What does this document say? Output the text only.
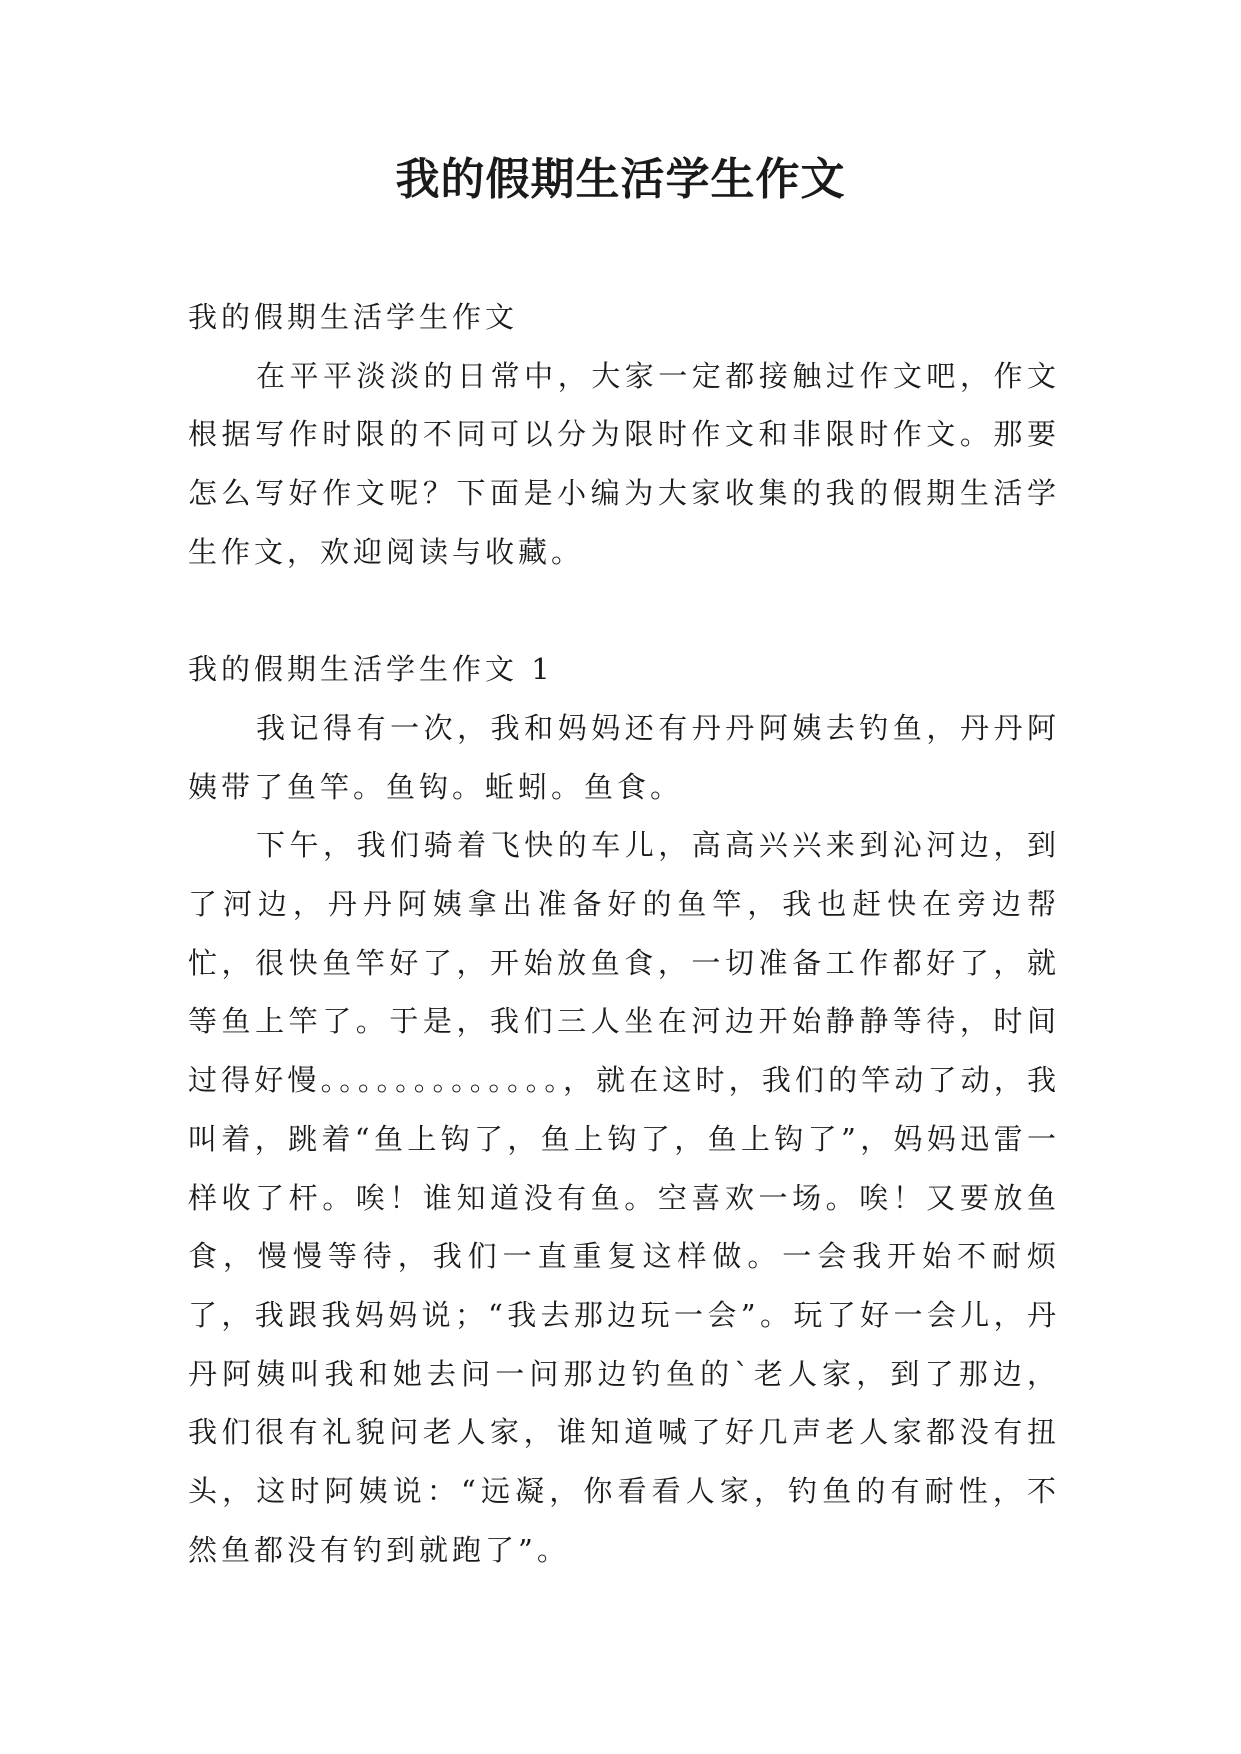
我的假期生活学生作文

我的假期生活学生作文

在平平淡淡的日常中，大家一定都接触过作文吧，作文根据写作时限的不同可以分为限时作文和非限时作文。那要怎么写好作文呢？下面是小编为大家收集的我的假期生活学生作文，欢迎阅读与收藏。

我的假期生活学生作文 1

我记得有一次，我和妈妈还有丹丹阿姨去钓鱼，丹丹阿姨带了鱼竿。鱼钩。蚯蚓。鱼食。

下午，我们骑着飞快的车儿，高高兴兴来到沁河边，到了河边，丹丹阿姨拿出准备好的鱼竿，我也赶快在旁边帮忙，很快鱼竿好了，开始放鱼食，一切准备工作都好了，就等鱼上竿了。于是，我们三人坐在河边开始静静等待，时间过得好慢。。。。。。。。。。。。。，就在这时，我们的竿动了动，我叫着，跳着“鱼上钩了，鱼上钩了，鱼上钩了”，妈妈迅雷一样收了杆。唉！谁知道没有鱼。空喜欢一场。唉！又要放鱼食，慢慢等待，我们一直重复这样做。一会我开始不耐烦了，我跟我妈妈说；“我去那边玩一会”。玩了好一会儿，丹丹阿姨叫我和她去问一问那边钓鱼的`老人家，到了那边，我们很有礼貌问老人家，谁知道喊了好几声老人家都没有扭头，这时阿姨说：“远凝，你看看人家，钓鱼的有耐性，不然鱼都没有钓到就跑了”。
